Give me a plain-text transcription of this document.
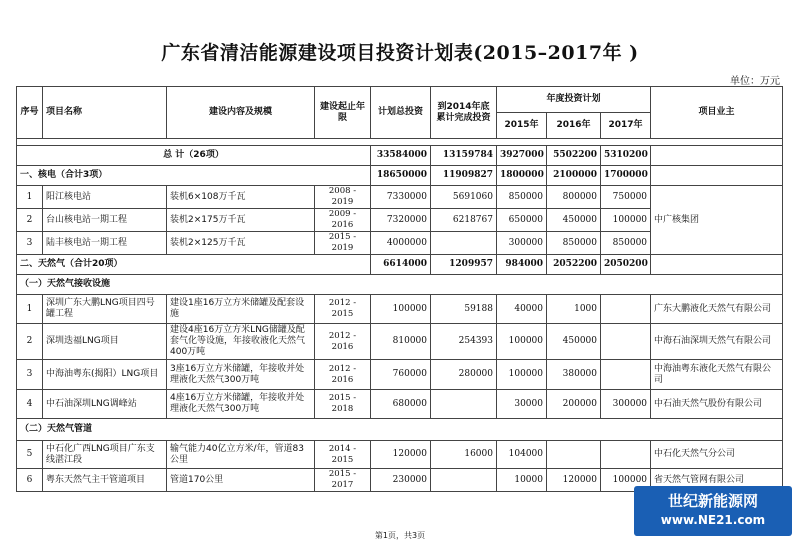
广东省清洁能源建设项目投资计划表(2015–2017年 )
单位：万元
序号	项目名称	建设内容及规模	建设起止年限	计划总投资	到2014年底累计完成投资	年度投资计划			项目业主
						2015年	2016年	2017年	

总 计（26项）				33584000	13159784	3927000	5502200	5310200	
一、核电（合计3项）				18650000	11909827	1800000	2100000	1700000	
1	阳江核电站	装机6×108万千瓦	2008 - 2019	7330000	5691060	850000	800000	750000	中广核集团
2	台山核电站一期工程	装机2×175万千瓦	2009 - 2016	7320000	6218767	650000	450000	100000	
3	陆丰核电站一期工程	装机2×125万千瓦	2015 - 2019	4000000		300000	850000	850000	
二、天然气（合计20项）				6614000	1209957	984000	2052200	2050200	
（一）天然气接收设施									
1	深圳广东大鹏LNG项目四号罐工程	建设1座16万立方米储罐及配套设施	2012 - 2015	100000	59188	40000	1000		广东大鹏液化天然气有限公司
2	深圳迭福LNG项目	建设4座16万立方米LNG储罐及配套气化等设施，年接收液化天然气400万吨	2012 - 2016	810000	254393	100000	450000		中海石油深圳天然气有限公司
3	中海油粤东(揭阳）LNG项目	3座16万立方米储罐，年接收并处理液化天然气300万吨	2012 - 2016	760000	280000	100000	380000		中海油粤东液化天然气有限公司
4	中石油深圳LNG调峰站	4座16万立方米储罐，年接收并处理液化天然气300万吨	2015 - 2018	680000		30000	200000	300000	中石油天然气股份有限公司
（二）天然气管道									
5	中石化广西LNG项目广东支线湛江段	输气能力40亿立方米/年，管道83公里	2014 - 2015	120000	16000	104000			中石化天然气分公司
6	粤东天然气主干管道项目	管道170公里	2015 - 2017	230000		10000	120000	100000	省天然气管网有限公司
第1页，共3页
世纪新能源网
www.NE21.com
